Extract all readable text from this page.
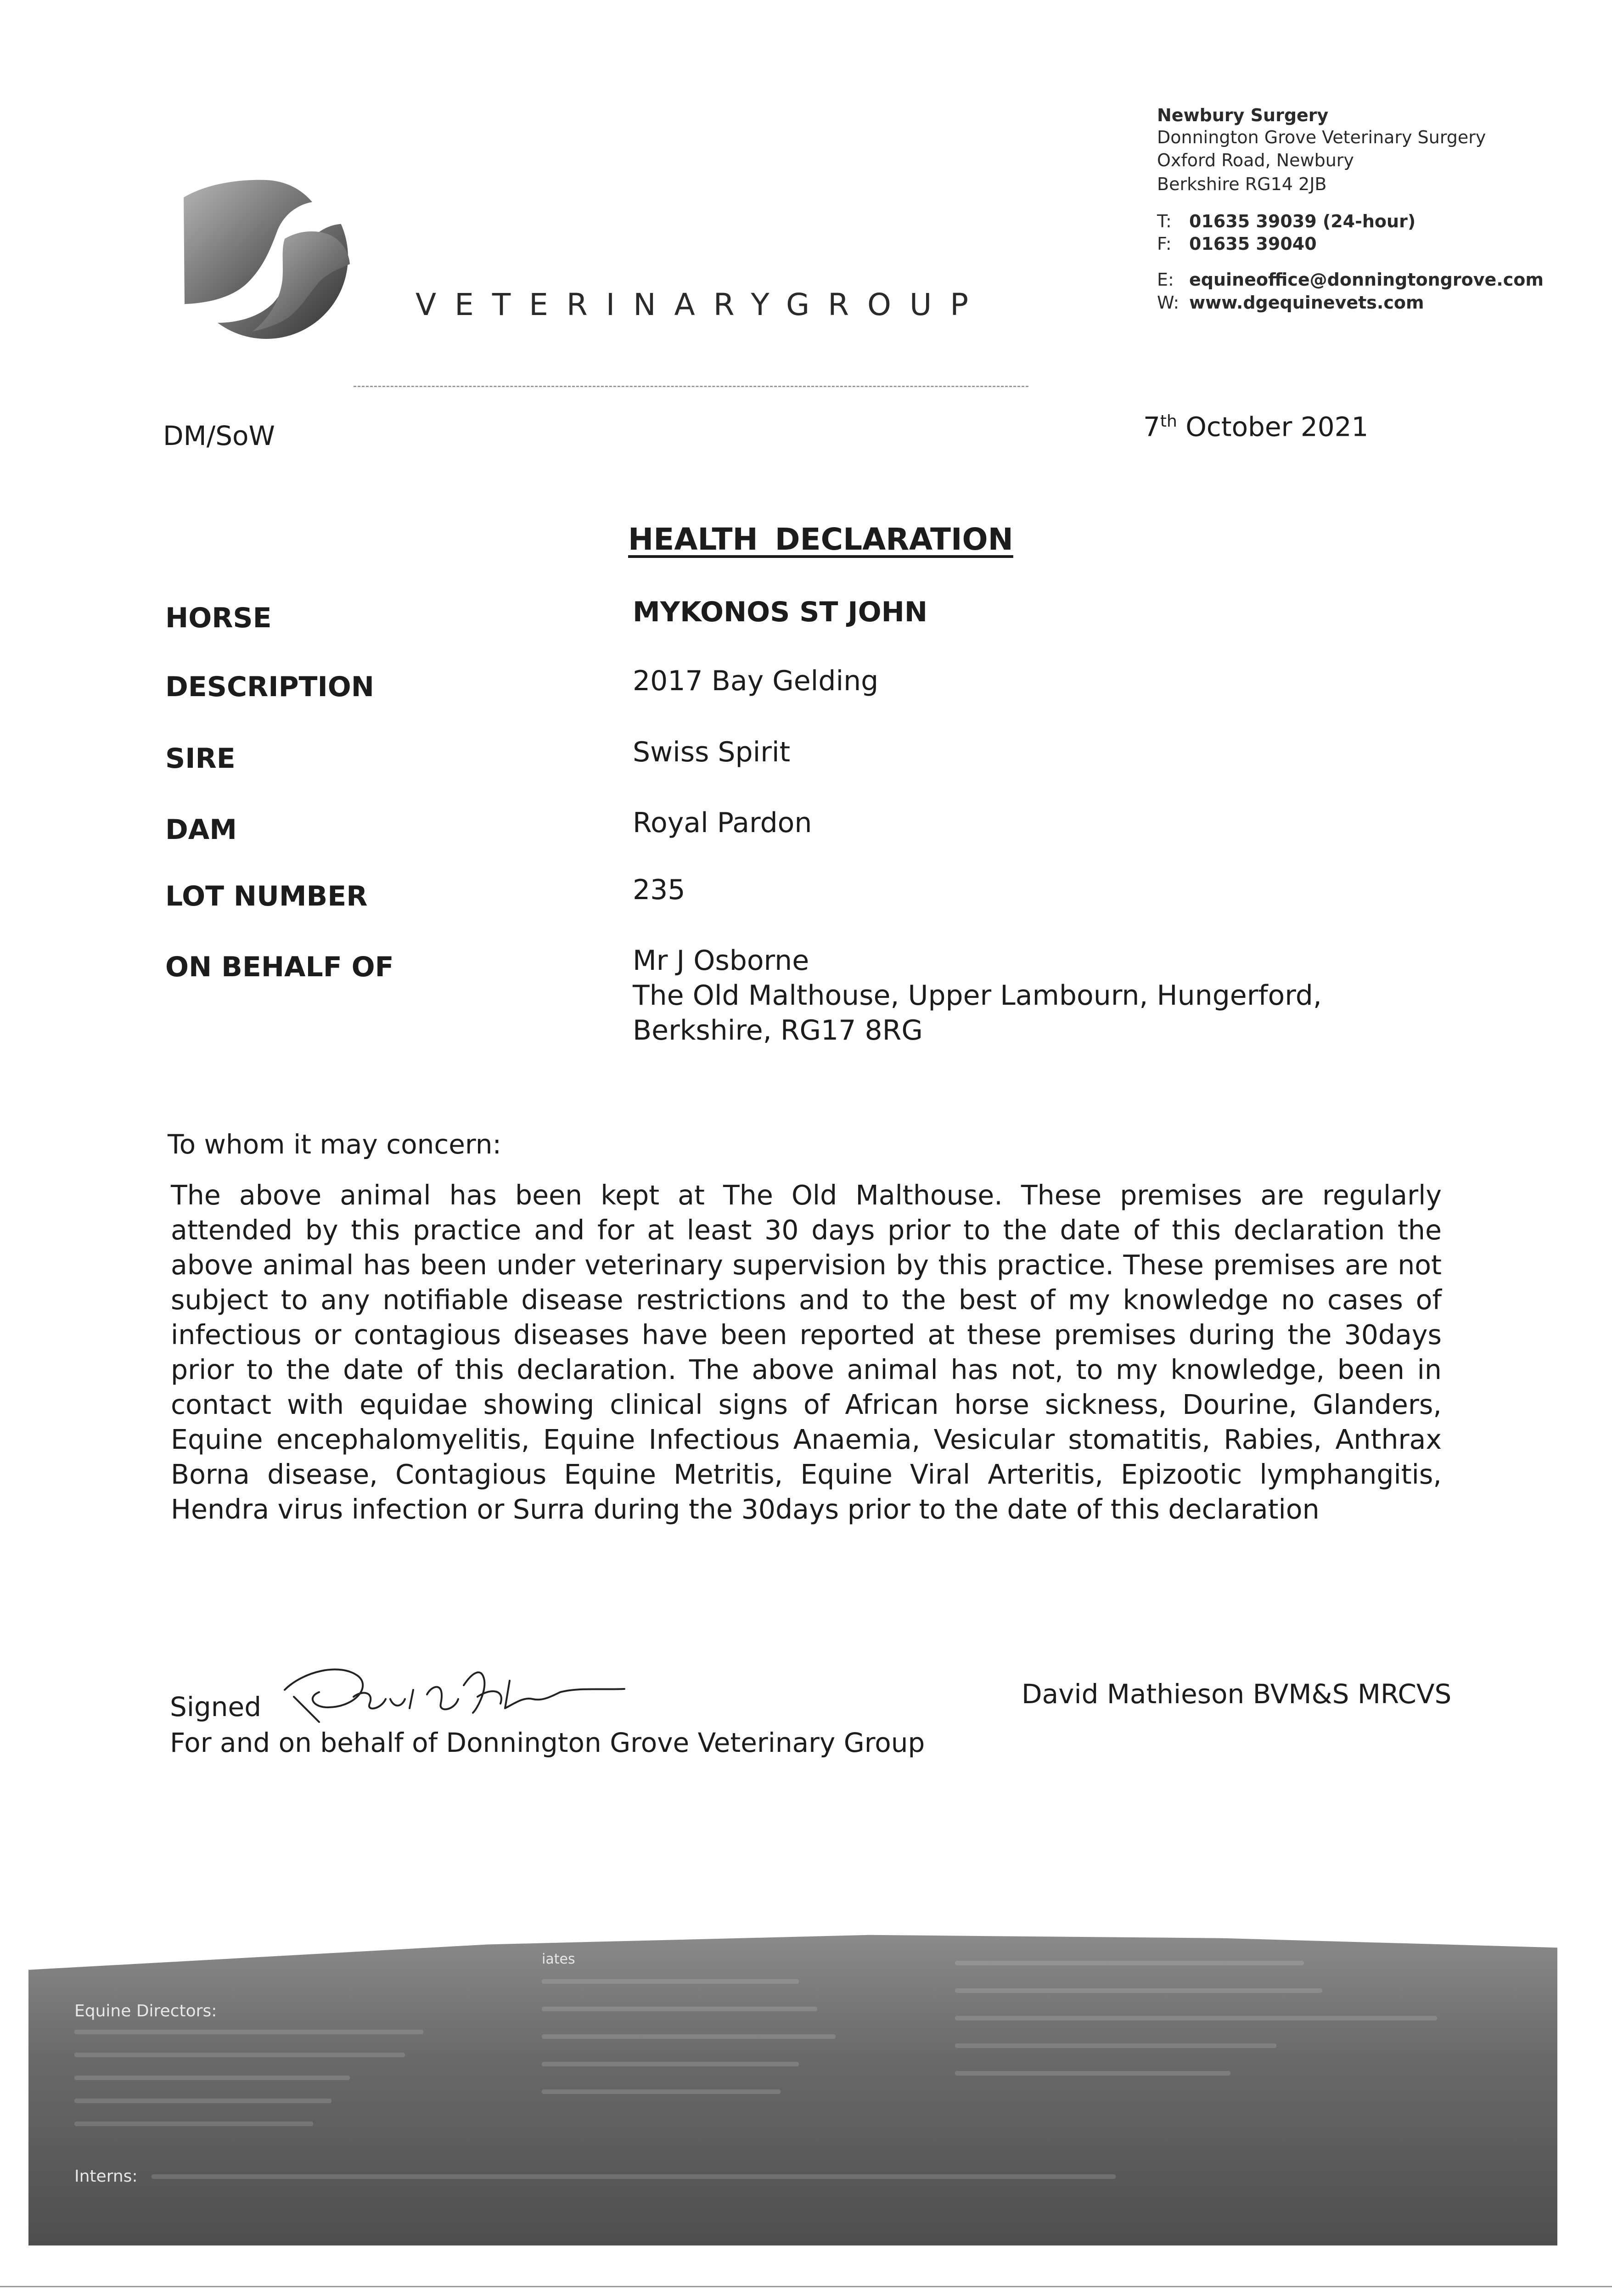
VETERINARY
GROUP
Newbury Surgery
Donnington Grove Veterinary Surgery
Oxford Road, Newbury
Berkshire RG14 2JB
T: 01635 39039 (24-hour)
F: 01635 39040
E: equineoffice@donningtongrove.com
W: www.dgequinevets.com
DM/SoW	7th October 2021
HEALTH DECLARATION
HORSE	MYKONOS ST JOHN
DESCRIPTION	2017 Bay Gelding
SIRE	Swiss Spirit
DAM	Royal Pardon
LOT NUMBER	235
ON BEHALF OF	Mr J Osborne
The Old Malthouse, Upper Lambourn, Hungerford,
Berkshire, RG17 8RG
To whom it may concern:
The above animal has been kept at The Old Malthouse. These premises are regularly attended by this practice and for at least 30 days prior to the date of this declaration the above animal has been under veterinary supervision by this practice. These premises are not subject to any notifiable disease restrictions and to the best of my knowledge no cases of infectious or contagious diseases have been reported at these premises during the 30days prior to the date of this declaration. The above animal has not, to my knowledge, been in contact with equidae showing clinical signs of African horse sickness, Dourine, Glanders, Equine encephalomyelitis, Equine Infectious Anaemia, Vesicular stomatitis, Rabies, Anthrax Borna disease, Contagious Equine Metritis, Equine Viral Arteritis, Epizootic lymphangitis, Hendra virus infection or Surra during the 30days prior to the date of this declaration
Signed
For and on behalf of Donnington Grove Veterinary Group
David Mathieson BVM&S MRCVS
Equine Directors:
iates
Interns:
